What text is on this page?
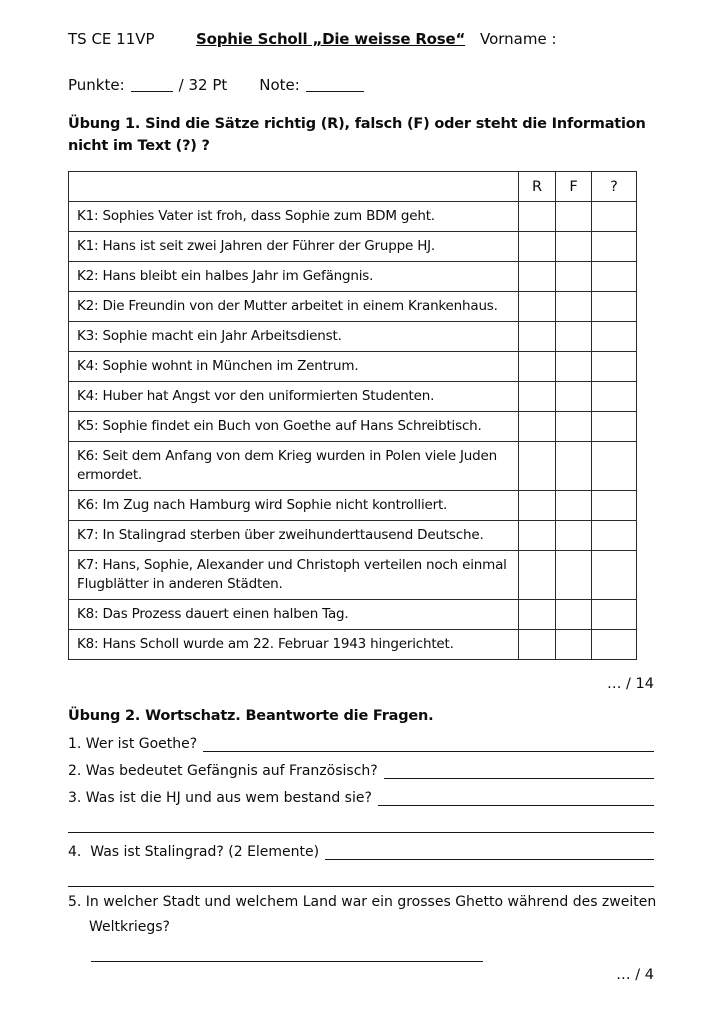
TS CE 11VP	Sophie Scholl „Die weisse Rose“ Vorname :
Punkte:	/ 32 Pt Note:
Übung 1. Sind die Sätze richtig (R), falsch (F) oder steht die Information nicht im Text (?) ?
	R	F	?
K1: Sophies Vater ist froh, dass Sophie zum BDM geht.			
K1: Hans ist seit zwei Jahren der Führer der Gruppe HJ.			
K2: Hans bleibt ein halbes Jahr im Gefängnis.			
K2: Die Freundin von der Mutter arbeitet in einem Krankenhaus.			
K3: Sophie macht ein Jahr Arbeitsdienst.			
K4: Sophie wohnt in München im Zentrum.			
K4: Huber hat Angst vor den uniformierten Studenten.			
K5: Sophie findet ein Buch von Goethe auf Hans Schreibtisch.			
K6: Seit dem Anfang von dem Krieg wurden in Polen viele Juden ermordet.			
K6: Im Zug nach Hamburg wird Sophie nicht kontrolliert.			
K7: In Stalingrad sterben über zweihunderttausend Deutsche.			
K7: Hans, Sophie, Alexander und Christoph verteilen noch einmal Flugblätter in anderen Städten.			
K8: Das Prozess dauert einen halben Tag.			
K8: Hans Scholl wurde am 22. Februar 1943 hingerichtet.			
… / 14
Übung 2. Wortschatz. Beantworte die Fragen.
1. Wer ist Goethe?
2. Was bedeutet Gefängnis auf Französisch?
3. Was ist die HJ und aus wem bestand sie?
4.  Was ist Stalingrad? (2 Elemente)
5. In welcher Stadt und welchem Land war ein grosses Ghetto während des zweiten Weltkriegs?
… / 4
